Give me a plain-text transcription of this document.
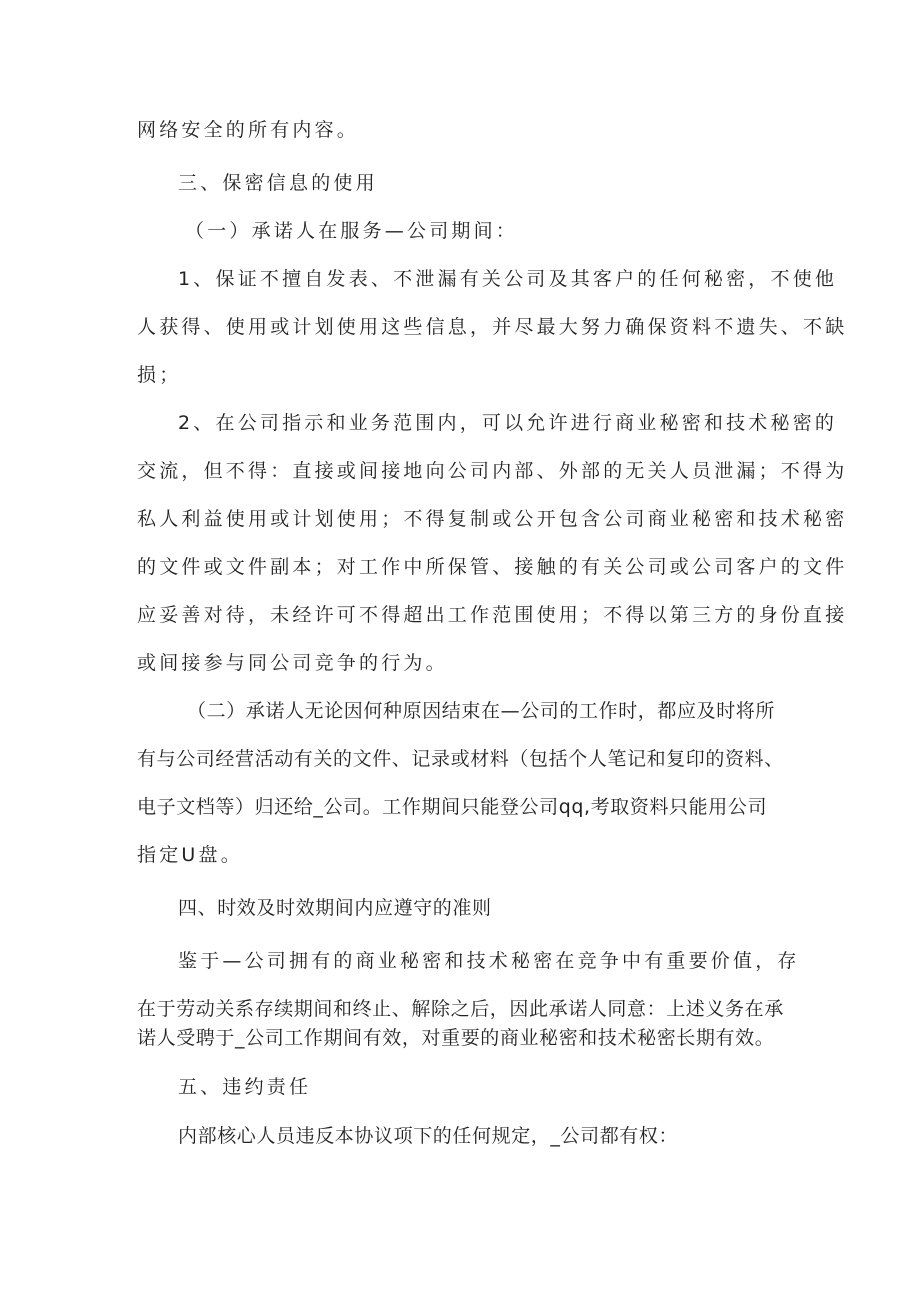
网络安全的所有内容。
三、保密信息的使用
（一）承诺人在服务—公司期间：
1、保证不擅自发表、不泄漏有关公司及其客户的任何秘密，不使他
人获得、使用或计划使用这些信息，并尽最大努力确保资料不遗失、不缺
损；
2、在公司指示和业务范围内，可以允许进行商业秘密和技术秘密的
交流，但不得：直接或间接地向公司内部、外部的无关人员泄漏；不得为
私人利益使用或计划使用；不得复制或公开包含公司商业秘密和技术秘密
的文件或文件副本；对工作中所保管、接触的有关公司或公司客户的文件
应妥善对待，未经许可不得超出工作范围使用；不得以第三方的身份直接
或间接参与同公司竞争的行为。
（二）承诺人无论因何种原因结束在—公司的工作时，都应及时将所
有与公司经营活动有关的文件、记录或材料（包括个人笔记和复印的资料、
电子文档等）归还给_公司。工作期间只能登公司qq,考取资料只能用公司
指定U盘。
四、时效及时效期间内应遵守的准则
鉴于—公司拥有的商业秘密和技术秘密在竞争中有重要价值，存
在于劳动关系存续期间和终止、解除之后，因此承诺人同意：上述义务在承
诺人受聘于_公司工作期间有效，对重要的商业秘密和技术秘密长期有效。
五、违约责任
内部核心人员违反本协议项下的任何规定，_公司都有权：
